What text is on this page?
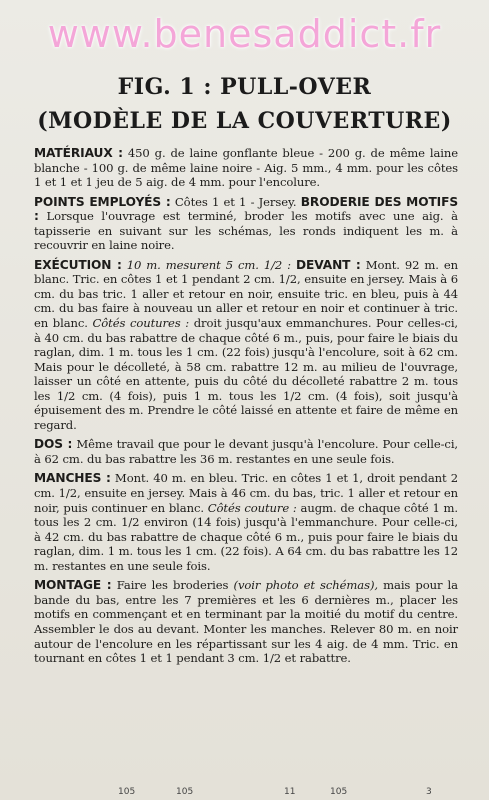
www.benesaddict.fr
FIG. 1 : PULL-OVER
(MODÈLE DE LA COUVERTURE)

MATÉRIAUX : 450 g. de laine gonflante bleue - 200 g. de même laine blanche - 100 g. de même laine noire - Aig. 5 mm., 4 mm. pour les côtes 1 et 1 et 1 jeu de 5 aig. de 4 mm. pour l'encolure.

POINTS EMPLOYÉS : Côtes 1 et 1 - Jersey. BRODERIE DES MOTIFS : Lorsque l'ouvrage est terminé, broder les motifs avec une aig. à tapisserie en suivant sur les schémas, les ronds indiquent les m. à recouvrir en laine noire.

EXÉCUTION : 10 m. mesurent 5 cm. 1/2 : DEVANT : Mont. 92 m. en blanc. Tric. en côtes 1 et 1 pendant 2 cm. 1/2, ensuite en jersey. Mais à 6 cm. du bas tric. 1 aller et retour en noir, ensuite tric. en bleu, puis à 44 cm. du bas faire à nouveau un aller et retour en noir et continuer à tric. en blanc. Côtés coutures : droit jusqu'aux emmanchures. Pour celles-ci, à 40 cm. du bas rabattre de chaque côté 6 m., puis, pour faire le biais du raglan, dim. 1 m. tous les 1 cm. (22 fois) jusqu'à l'encolure, soit à 62 cm. Mais pour le décolleté, à 58 cm. rabattre 12 m. au milieu de l'ouvrage, laisser un côté en attente, puis du côté du décolleté rabattre 2 m. tous les 1/2 cm. (4 fois), puis 1 m. tous les 1/2 cm. (4 fois), soit jusqu'à épuisement des m. Prendre le côté laissé en attente et faire de même en regard.

DOS : Même travail que pour le devant jusqu'à l'encolure. Pour celle-ci, à 62 cm. du bas rabattre les 36 m. restantes en une seule fois.

MANCHES : Mont. 40 m. en bleu. Tric. en côtes 1 et 1, droit pendant 2 cm. 1/2, ensuite en jersey. Mais à 46 cm. du bas, tric. 1 aller et retour en noir, puis continuer en blanc. Côtés couture : augm. de chaque côté 1 m. tous les 2 cm. 1/2 environ (14 fois) jusqu'à l'emmanchure. Pour celle-ci, à 42 cm. du bas rabattre de chaque côté 6 m., puis pour faire le biais du raglan, dim. 1 m. tous les 1 cm. (22 fois). A 64 cm. du bas rabattre les 12 m. restantes en une seule fois.

MONTAGE : Faire les broderies (voir photo et schémas), mais pour la bande du bas, entre les 7 premières et les 6 dernières m., placer les motifs en commençant et en terminant par la moitié du motif du centre. Assembler le dos au devant. Monter les manches. Relever 80 m. en noir autour de l'encolure en les répartissant sur les 4 aig. de 4 mm. Tric. en tournant en côtes 1 et 1 pendant 3 cm. 1/2 et rabattre.

105	105	11	105	3
